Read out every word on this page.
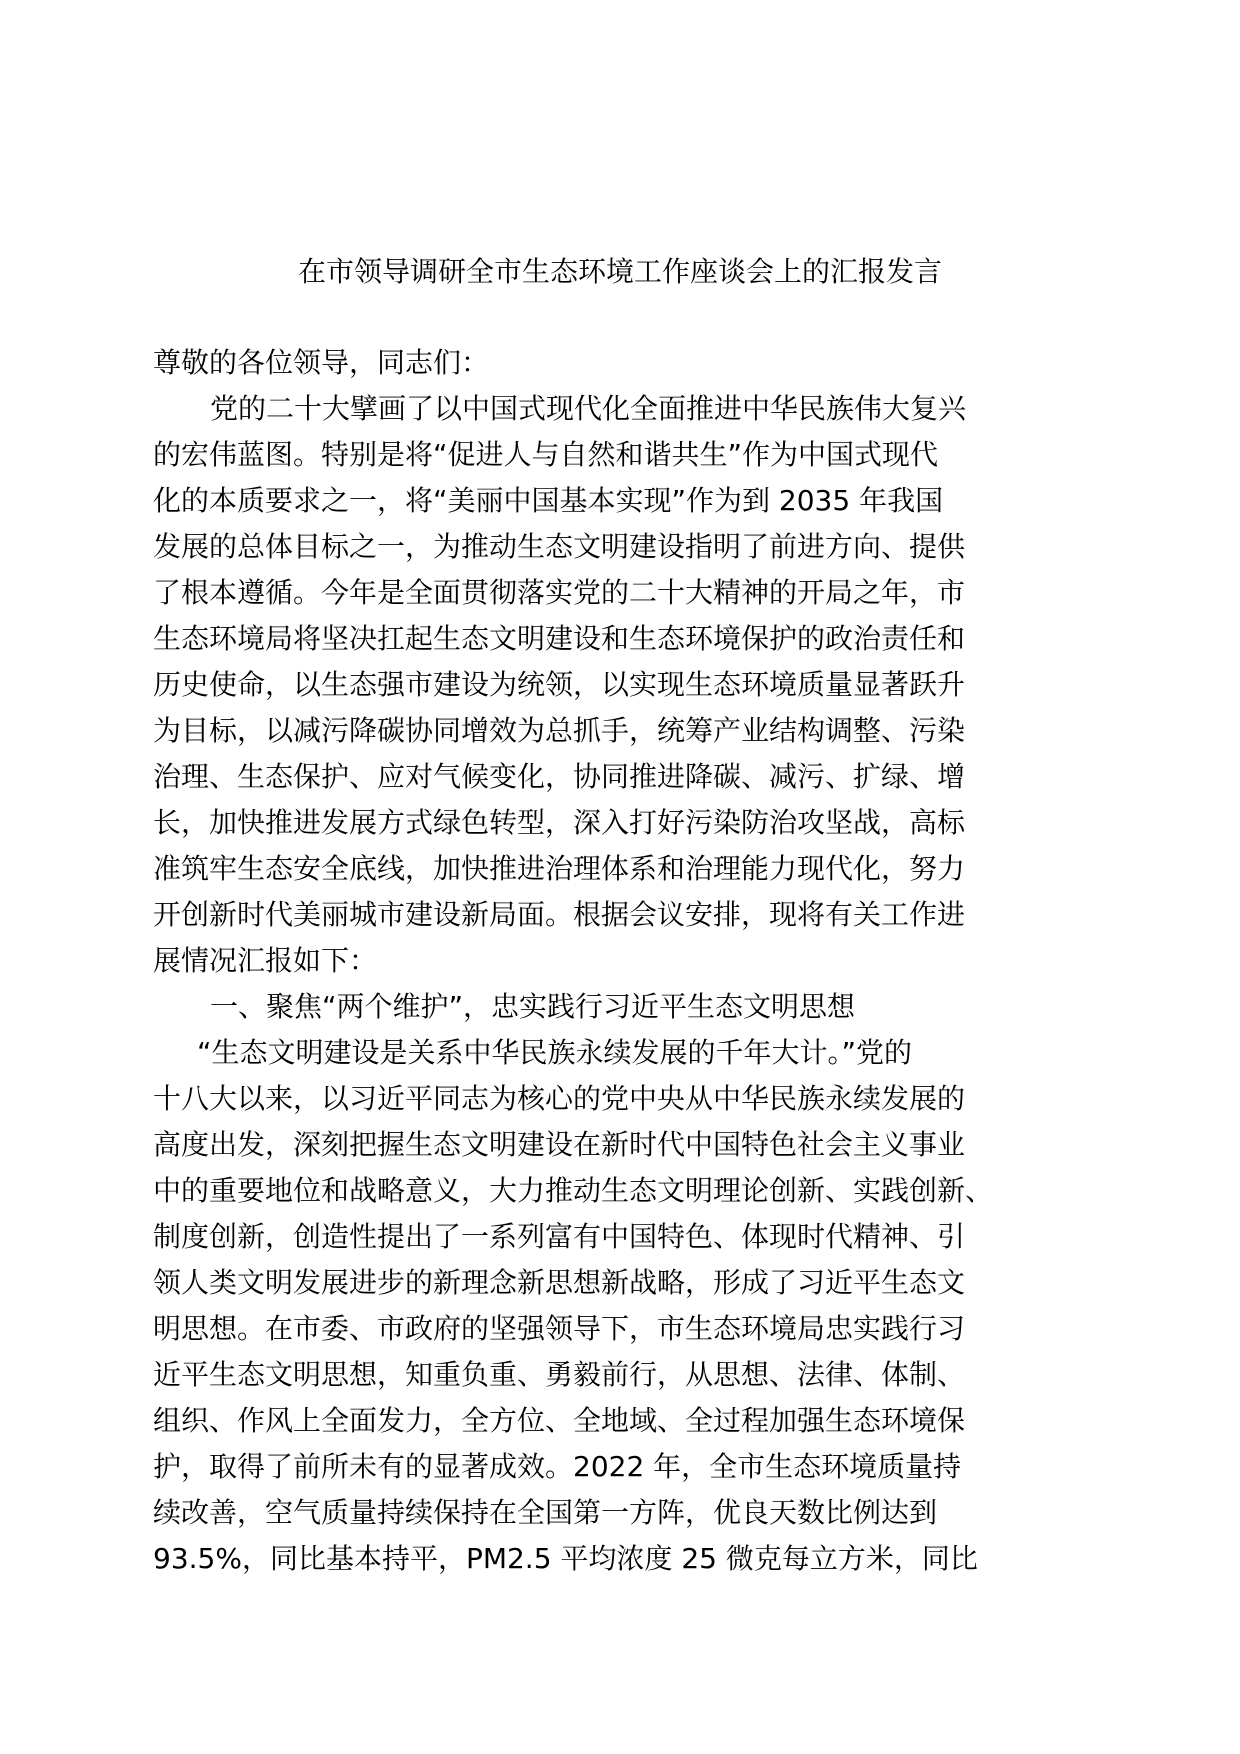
在市领导调研全市生态环境工作座谈会上的汇报发言

尊敬的各位领导，同志们：

党的二十大擘画了以中国式现代化全面推进中华民族伟大复兴

的宏伟蓝图。特别是将“促进人与自然和谐共生”作为中国式现代

化的本质要求之一，将“美丽中国基本实现”作为到 2035 年我国

发展的总体目标之一，为推动生态文明建设指明了前进方向、提供

了根本遵循。今年是全面贯彻落实党的二十大精神的开局之年，市

生态环境局将坚决扛起生态文明建设和生态环境保护的政治责任和

历史使命，以生态强市建设为统领，以实现生态环境质量显著跃升

为目标，以减污降碳协同增效为总抓手，统筹产业结构调整、污染

治理、生态保护、应对气候变化，协同推进降碳、减污、扩绿、增

长，加快推进发展方式绿色转型，深入打好污染防治攻坚战，高标

准筑牢生态安全底线，加快推进治理体系和治理能力现代化，努力

开创新时代美丽城市建设新局面。根据会议安排，现将有关工作进

展情况汇报如下：

一、聚焦“两个维护”，忠实践行习近平生态文明思想

“生态文明建设是关系中华民族永续发展的千年大计。”党的

十八大以来，以习近平同志为核心的党中央从中华民族永续发展的

高度出发，深刻把握生态文明建设在新时代中国特色社会主义事业

中的重要地位和战略意义，大力推动生态文明理论创新、实践创新、

制度创新，创造性提出了一系列富有中国特色、体现时代精神、引

领人类文明发展进步的新理念新思想新战略，形成了习近平生态文

明思想。在市委、市政府的坚强领导下，市生态环境局忠实践行习

近平生态文明思想，知重负重、勇毅前行，从思想、法律、体制、

组织、作风上全面发力，全方位、全地域、全过程加强生态环境保

护，取得了前所未有的显著成效。2022 年，全市生态环境质量持

续改善，空气质量持续保持在全国第一方阵，优良天数比例达到

93.5%，同比基本持平，PM2.5 平均浓度 25 微克每立方米，同比
